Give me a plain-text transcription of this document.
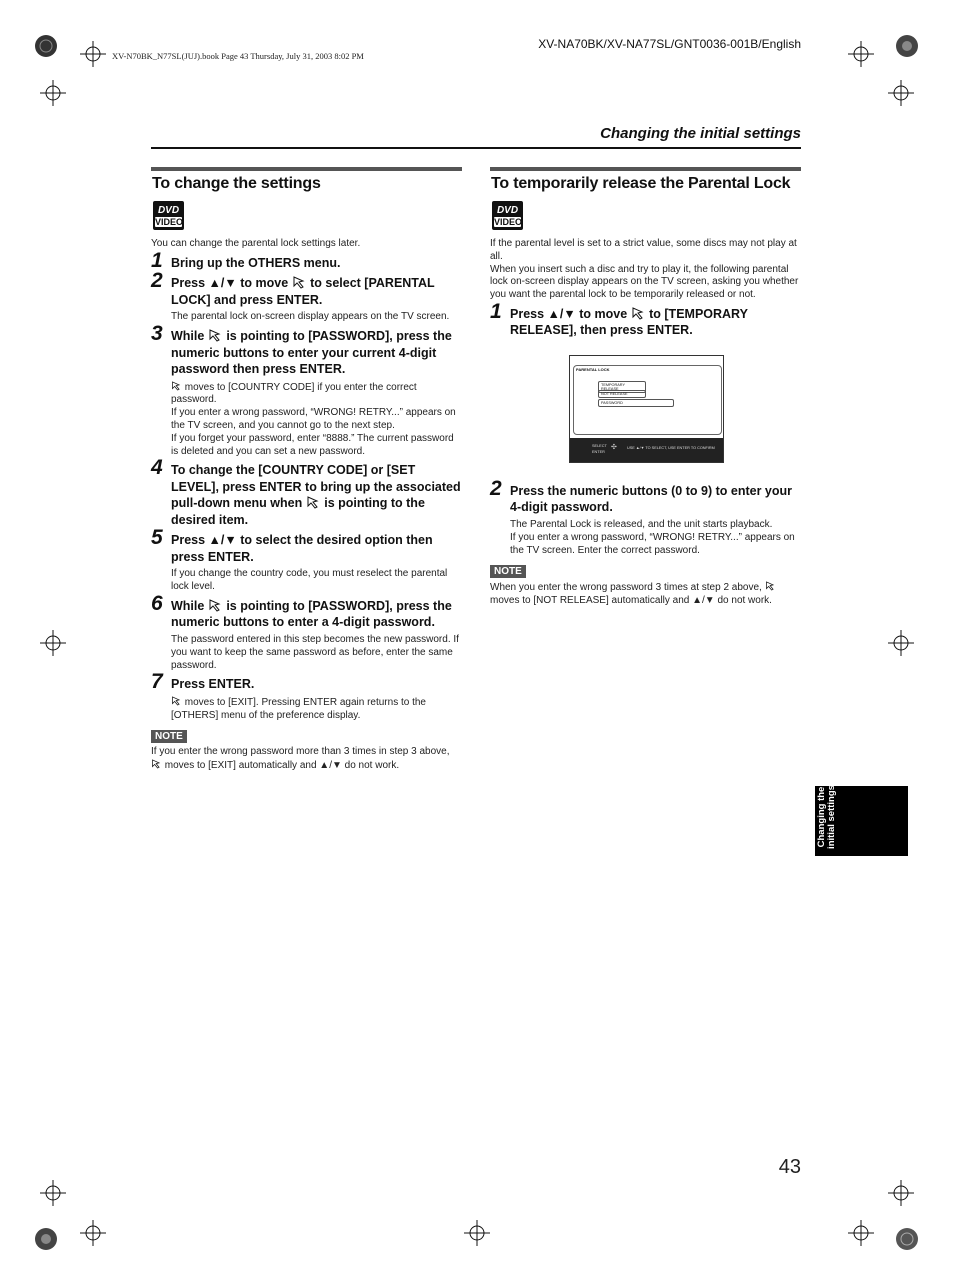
XV-N70BK_N77SL(JUJ).book Page 43 Thursday, July 31, 2003 8:02 PM
XV-NA70BK/XV-NA77SL/GNT0036-001B/English
Changing the initial settings
To change the settings
DVD
VIDEO
You can change the parental lock settings later.
1 Bring up the OTHERS menu.
2 Press ▲/▼ to move to select [PARENTAL LOCK] and press ENTER.
The parental lock on-screen display appears on the TV screen.
3 While is pointing to [PASSWORD], press the numeric buttons to enter your current 4-digit password then press ENTER.
moves to [COUNTRY CODE] if you enter the correct password.
If you enter a wrong password, “WRONG! RETRY...” appears on the TV screen, and you cannot go to the next step.
If you forget your password, enter “8888.” The current password is deleted and you can set a new password.
4 To change the [COUNTRY CODE] or [SET LEVEL], press ENTER to bring up the associated pull-down menu when is pointing to the desired item.
5 Press ▲/▼ to select the desired option then press ENTER.
If you change the country code, you must reselect the parental lock level.
6 While is pointing to [PASSWORD], press the numeric buttons to enter a 4-digit password.
The password entered in this step becomes the new password. If you want to keep the same password as before, enter the same password.
7 Press ENTER.
moves to [EXIT]. Pressing ENTER again returns to the [OTHERS] menu of the preference display.
NOTE
If you enter the wrong password more than 3 times in step 3 above,  moves to [EXIT] automatically and ▲/▼ do not work.
To temporarily release the Parental Lock
DVD
VIDEO
If the parental level is set to a strict value, some discs may not play at all.
When you insert such a disc and try to play it, the following parental lock on-screen display appears on the TV screen, asking you whether you want the parental lock to be temporarily released or not.
1 Press ▲/▼ to move to [TEMPORARY RELEASE], then press ENTER.
PARENTAL LOCK
TEMPORARY RELEASE
NOT RELEASE
PASSWORD
SELECT
ENTER
✣	USE ▲/▼ TO SELECT, USE ENTER TO CONFIRM
2 Press the numeric buttons (0 to 9) to enter your 4-digit password.
The Parental Lock is released, and the unit starts playback.
If you enter a wrong password, “WRONG! RETRY...” appears on the TV screen. Enter the correct password.
NOTE
When you enter the wrong password 3 times at step 2 above,  moves to [NOT RELEASE] automatically and ▲/▼ do not work.
Changing the initial settings
43
